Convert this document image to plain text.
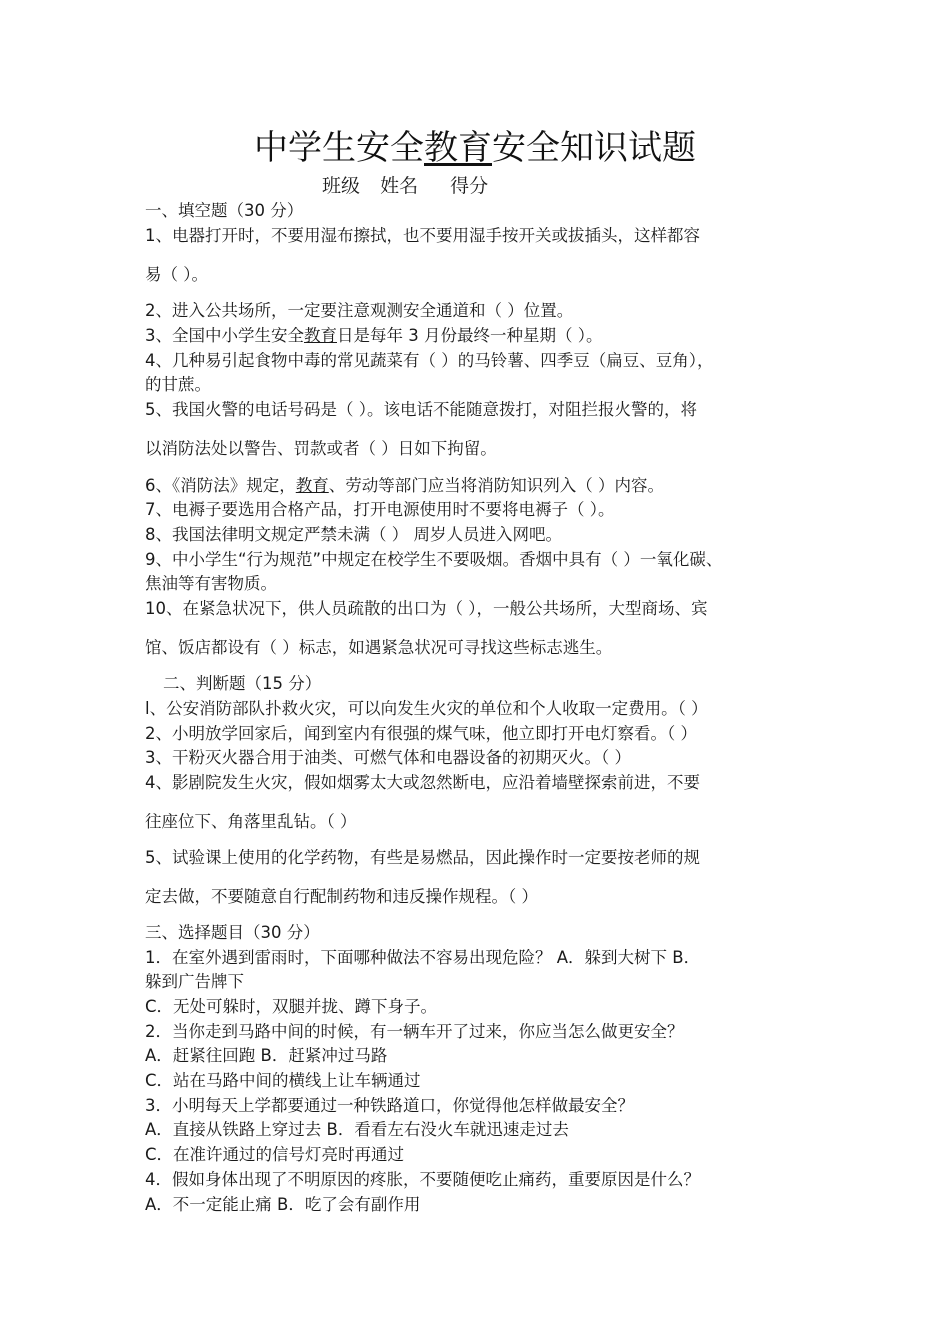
中学生安全教育安全知识试题
班级 姓名 得分
一、填空题（30 分）
1、电器打开时，不要用湿布擦拭，也不要用湿手按开关或拔插头，这样都容
易（ ）。
2、进入公共场所，一定要注意观测安全通道和（ ）位置。
3、全国中小学生安全教育日是每年 3 月份最终一种星期（ ）。
4、几种易引起食物中毒的常见蔬菜有（ ）的马铃薯、四季豆（扁豆、豆角），
的甘蔗。
5、我国火警的电话号码是（ ）。该电话不能随意拨打，对阻拦报火警的，将
以消防法处以警告、罚款或者（ ）日如下拘留。
6、《消防法》规定，教育、劳动等部门应当将消防知识列入（ ）内容。
7、电褥子要选用合格产品，打开电源使用时不要将电褥子（ ）。
8、我国法律明文规定严禁未满（ ） 周岁人员进入网吧。
9、中小学生“行为规范”中规定在校学生不要吸烟。香烟中具有（ ）一氧化碳、
焦油等有害物质。
10、在紧急状况下，供人员疏散的出口为（ ），一般公共场所，大型商场、宾
馆、饭店都设有（ ）标志，如遇紧急状况可寻找这些标志逃生。
二、判断题（15 分）
l、公安消防部队扑救火灾，可以向发生火灾的单位和个人收取一定费用。（ ）
2、小明放学回家后，闻到室内有很强的煤气味，他立即打开电灯察看。（ ）
3、干粉灭火器合用于油类、可燃气体和电器设备的初期灭火。（ ）
4、影剧院发生火灾，假如烟雾太大或忽然断电，应沿着墙壁探索前进，不要
往座位下、角落里乱钻。（ ）
5、试验课上使用的化学药物，有些是易燃品，因此操作时一定要按老师的规
定去做，不要随意自行配制药物和违反操作规程。（ ）
三、选择题目（30 分）
1．在室外遇到雷雨时，下面哪种做法不容易出现危险？ A．躲到大树下 B．
躲到广告牌下
C．无处可躲时，双腿并拢、蹲下身子。
2．当你走到马路中间的时候，有一辆车开了过来，你应当怎么做更安全？
A．赶紧往回跑 B．赶紧冲过马路
C．站在马路中间的横线上让车辆通过
3．小明每天上学都要通过一种铁路道口，你觉得他怎样做最安全？
A．直接从铁路上穿过去 B．看看左右没火车就迅速走过去
C．在准许通过的信号灯亮时再通过
4．假如身体出现了不明原因的疼胀，不要随便吃止痛药，重要原因是什么？
A．不一定能止痛 B．吃了会有副作用
